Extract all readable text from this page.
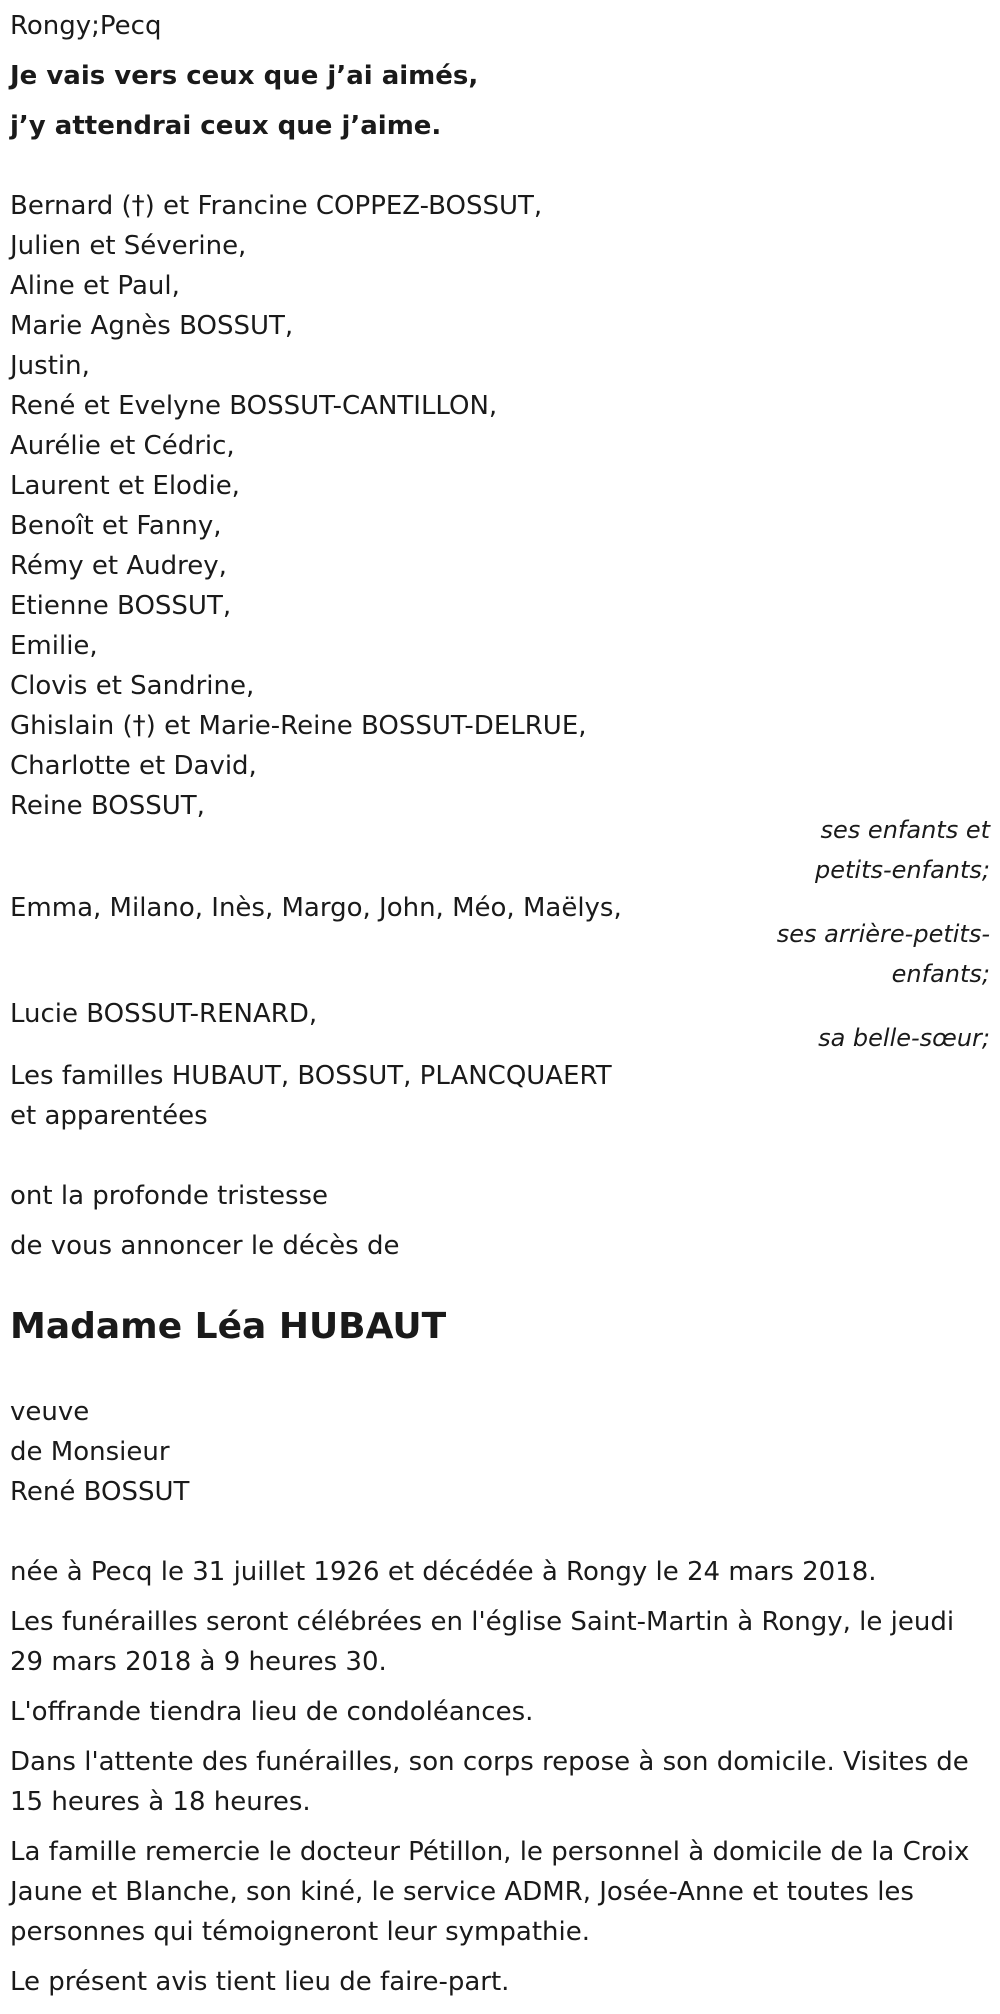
Rongy;Pecq
Je vais vers ceux que j’ai aimés,
j’y attendrai ceux que j’aime.
Bernard (†) et Francine COPPEZ-BOSSUT,
Julien et Séverine,
Aline et Paul,
Marie Agnès BOSSUT,
Justin,
René et Evelyne BOSSUT-CANTILLON,
Aurélie et Cédric,
Laurent et Elodie,
Benoît et Fanny,
Rémy et Audrey,
Etienne BOSSUT,
Emilie,
Clovis et Sandrine,
Ghislain (†) et Marie-Reine BOSSUT-DELRUE,
Charlotte et David,
Reine BOSSUT,
ses enfants et
petits-enfants;
Emma, Milano, Inès, Margo, John, Méo, Maëlys,
ses arrière-petits-
enfants;
Lucie BOSSUT-RENARD,
sa belle-sœur;
Les familles HUBAUT, BOSSUT, PLANCQUAERT
et apparentées
ont la profonde tristesse
de vous annoncer le décès de
Madame Léa HUBAUT
veuve
de Monsieur
René BOSSUT
née à Pecq le 31 juillet 1926 et décédée à Rongy le 24 mars 2018.
Les funérailles seront célébrées en l'église Saint-Martin à Rongy, le jeudi 29 mars 2018 à 9 heures 30.
L'offrande tiendra lieu de condoléances.
Dans l'attente des funérailles, son corps repose à son domicile. Visites de 15 heures à 18 heures.
La famille remercie le docteur Pétillon, le personnel à domicile de la Croix Jaune et Blanche, son kiné, le service ADMR, Josée-Anne et toutes les personnes qui témoigneront leur sympathie.
Le présent avis tient lieu de faire-part.
